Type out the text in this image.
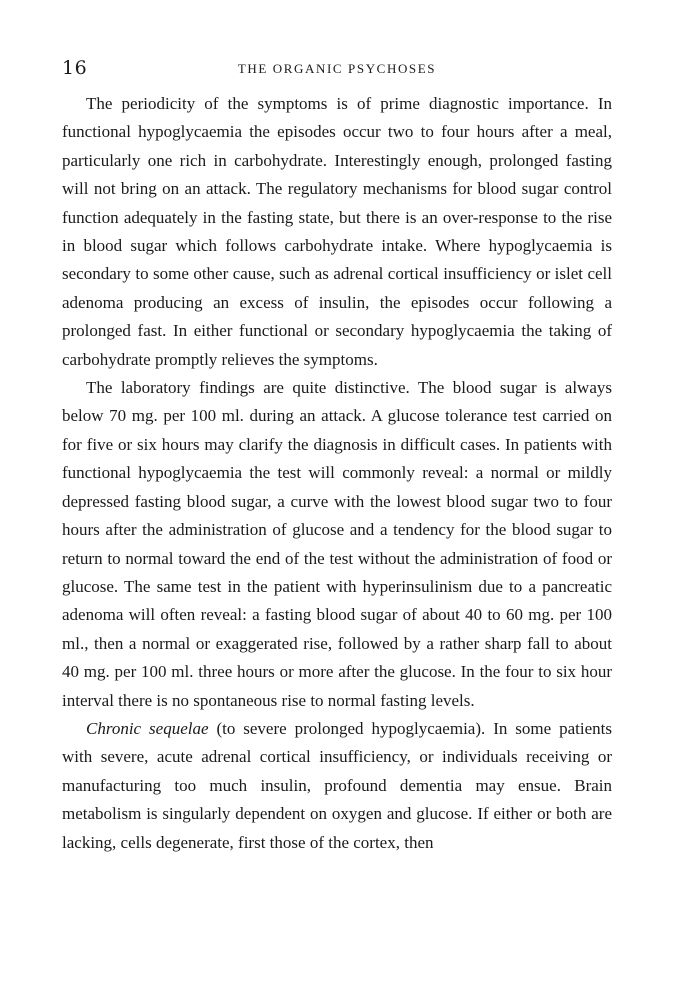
16	THE ORGANIC PSYCHOSES

The periodicity of the symptoms is of prime diagnostic importance. In functional hypoglycaemia the episodes occur two to four hours after a meal, particularly one rich in carbohydrate. Interestingly enough, prolonged fasting will not bring on an attack. The regulatory mechanisms for blood sugar control function adequately in the fasting state, but there is an over-response to the rise in blood sugar which follows carbohydrate intake. Where hypoglycaemia is secondary to some other cause, such as adrenal cortical insufficiency or islet cell adenoma producing an excess of insulin, the episodes occur following a prolonged fast. In either functional or secondary hypoglycaemia the taking of carbohydrate promptly relieves the symptoms.

The laboratory findings are quite distinctive. The blood sugar is always below 70 mg. per 100 ml. during an attack. A glucose tolerance test carried on for five or six hours may clarify the diagnosis in difficult cases. In patients with functional hypoglycaemia the test will commonly reveal: a normal or mildly depressed fasting blood sugar, a curve with the lowest blood sugar two to four hours after the administration of glucose and a tendency for the blood sugar to return to normal toward the end of the test without the administration of food or glucose. The same test in the patient with hyperinsulinism due to a pancreatic adenoma will often reveal: a fasting blood sugar of about 40 to 60 mg. per 100 ml., then a normal or exaggerated rise, followed by a rather sharp fall to about 40 mg. per 100 ml. three hours or more after the glucose. In the four to six hour interval there is no spontaneous rise to normal fasting levels.

Chronic sequelae (to severe prolonged hypoglycaemia). In some patients with severe, acute adrenal cortical insufficiency, or individuals receiving or manufacturing too much insulin, profound dementia may ensue. Brain metabolism is singularly dependent on oxygen and glucose. If either or both are lacking, cells degenerate, first those of the cortex, then
